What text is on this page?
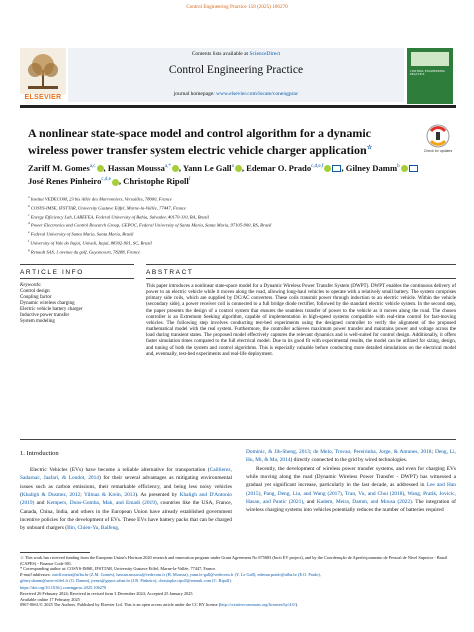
Control Engineering Practice 158 (2025) 106270
ELSEVIER
Contents lists available at ScienceDirect
Control Engineering Practice
journal homepage: www.elsevier.com/locate/conengprac
CONTROL ENGINEERING PRACTICE
A nonlinear state-space model and control algorithm for a dynamic wireless power transfer system electric vehicle charger application☆
Check for updates
Zariff M. Gomes$^{a,c}$ , Hassan Moussa$^{a,*}$ , Yann Le Gall$^a$ , Edemar O. Prado$^{c,d,e,f}$ , Gilney Damm$^b$
José Renes Pinheiro$^{c,d,e}$ , Christophe Ripoll$^f$

$^a$ Institut VEDECOM, 23 bis Allée des Marronniers, Versailles, 78000, France

$^b$ COSYS-IMSE, IFSTTAR, University Gustave Eiffel, Marne-la-Vallée, 77447, France

$^c$ Energy Efficiency Lab, LABEFEA, Federal University of Bahia, Salvador, 40170-110, BA, Brazil

$^d$ Power Electronics and Control Research Group, GEPOC, Federal University of Santa Maria, Santa Maria, 97105-900, RS, Brazil

$^e$ Federal University of Santa Maria, Santa Maria, Brazil

$^f$ University of Vale do Itajaí, Univali, Itajaí, 88302-901, SC, Brazil

$^g$ Renault SAS, 1 avenue du golf, Guyancourt, 78288, France

ARTICLE INFO	ABSTRACT
Keywords:
Control design
Coupling factor
Dynamic wireless charging
Electric vehicle battery charger
Inductive power transfer
System modeling
This paper introduces a nonlinear state-space model for a Dynamic Wireless Power Transfer System (DWPT). DWPT enables the continuous delivery of power to an electric vehicle while it moves along the road, allowing long-haul vehicles to operate with a relatively small battery. The system comprises primary side coils, which are supplied by DC/AC converters. These coils transmit power through induction to an electric vehicle. Within the vehicle (secondary side), a power receiver coil is connected to a full bridge diode rectifier, followed by the standard electric vehicle system. In the second step, the paper presents the design of a control system that ensures the seamless transfer of power to the vehicle as it moves along the road. The chosen controller is an Extremum Seeking algorithm, capable of implementation in high-speed systems compatible with real-time control for fast-moving vehicles. The following step involves conducting test-bed experiments using the designed controller to verify the alignment of the proposed mathematical model with the real system. Furthermore, the controller achieves maximum power transfer and maintains power and voltage across the load during transient states. The proposed model effectively captures the relevant dynamics and is well-suited for control design. Additionally, it offers faster simulation times compared to the full electrical model. Due to its good fit with experimental results, the model can be utilized for sizing, design, and tuning of both the system and control algorithms. This is especially valuable before conducting more detailed simulations on the electrical model and, eventually, test-bed experiments and real-life deployment.
1. Introduction
Electric Vehicles (EVs) have become a reliable alternative for transportation (Caillierez, Sadarnac, Jaafari, & Loudot, 2014) for their several advantages as mitigating environmental issues such as carbon emissions, their remarkable efficiency, and being less noisy vehicles (Khaligh & Dusmez, 2012; Yilmaz & Krein, 2013). As presented by Khaligh and D'Antonio (2019) and Kempers, Dons-Gomba, Mak, and Emadi (2019), countries like the USA, France, Canada, China, India, and others in the European Union have already established government incentive policies for the development of EVs. These EVs have battery packs that can be charged by onboard chargers (Bin, Chien-Yu, Baifeng,
Dominic, & Jih-Sheng, 2013; de Melo, Trovao, Pereirinha, Jorge, & Antunes, 2018; Deng, Li, Hu, Mi, & Ma, 2014) directly connected to the grid by wired technologies.
Recently, the development of wireless power transfer systems, and even for charging EVs while moving along the road (Dynamic Wireless Power Transfer - DWPT) has witnessed a gradual yet significant increase, particularly in the last decade, as addressed in Lee and Han (2015), Pang, Deng, Liu, and Wang (2017), Tran, Vu, and Choi (2018), Wang, Pratik, Jovicic, Hasan, and Pantic (2021), and Kadem, Meira, Damm, and Mousa (2022). The integration of wireless charging systems into vehicles potentially reduces the number of batteries required

☆ This work has received funding from the European Union's Horizon 2020 research and innovation program under Grant Agreement No 875683 (Incit EV project), and by the Coordenação de Aperfeiçoamento de Pessoal de Nível Superior - Brazil (CAPES) - Finance Code 001.

* Corresponding author at: COSYS-IMSE, IFSTTAR, University Gustave Eiffel, Marne-la-Vallée, 77447, France.

E-mail addresses: zariff.meira@ufba.br (Z.M. Gomes), hassan.moussa@vedecom.fr (H. Moussa), yann.le-gall@vedecom.fr (Y. Le Gall), edemar.prado@ufba.br (E.O. Prado),

gilney.damm@univ-eiffel.fr (G. Damm), jrenes@gepoc.ufsm.br (J.R. Pinheiro), christophe.ripoll@renault.com (C. Ripoll).

https://doi.org/10.1016/j.conengprac.2025.106270

Received 26 February 2024; Received in revised form 3 December 2024; Accepted 25 January 2025

Available online 17 February 2025

0967-0661/© 2025 The Authors. Published by Elsevier Ltd. This is an open access article under the CC BY license (http://creativecommons.org/licenses/by/4.0/).
